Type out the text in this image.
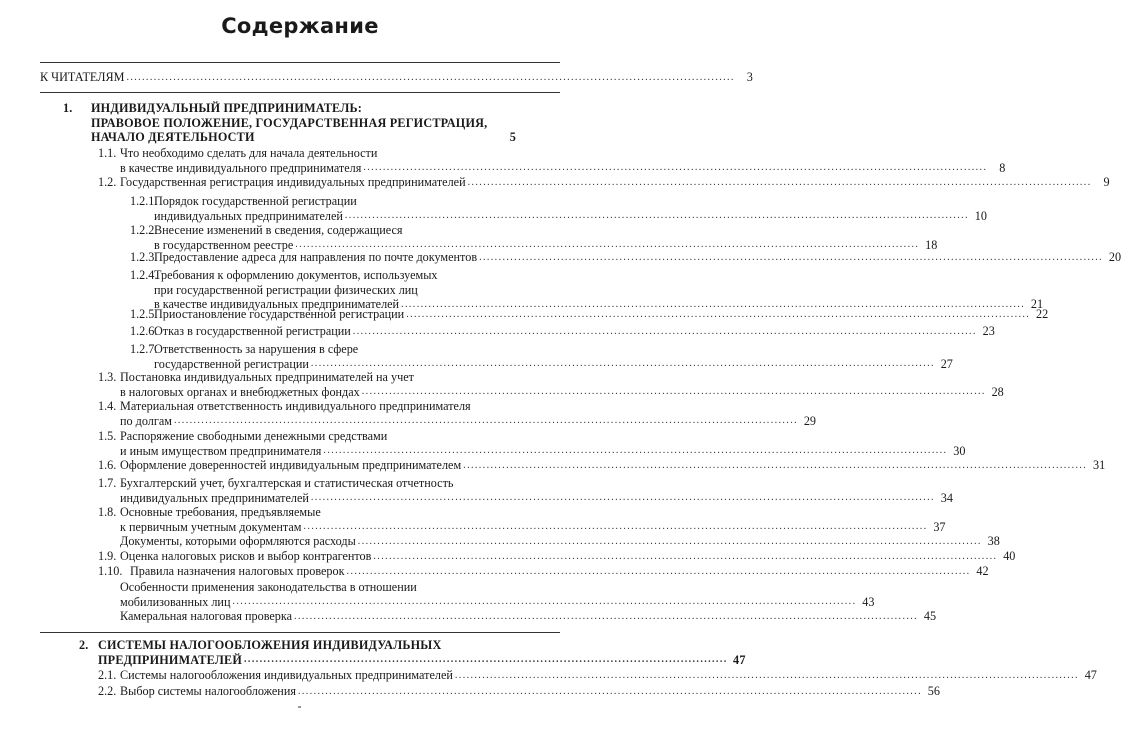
Содержание
К ЧИТАТЕЛЯМ ............................................................................................................................................................ 3
1. ИНДИВИДУАЛЬНЫЙ ПРЕДПРИНИМАТЕЛЬ:
ПРАВОВОЕ ПОЛОЖЕНИЕ, ГОСУДАРСТВЕННАЯ РЕГИСТРАЦИЯ,
НАЧАЛО ДЕЯТЕЛЬНОСТИ	5
1.1. Что необходимо сделать для начала деятельности
в качестве индивидуального предпринимателя ................................................................................................................................................................ 8
1.2. Государственная регистрация индивидуальных предпринимателей ................................................................................................................................................................ 9
1.2.1.
Порядок государственной регистрации
индивидуальных предпринимателей ................................................................................................................................................................ 10
1.2.2.
Внесение изменений в сведения, содержащиеся
в государственном реестре ................................................................................................................................................................ 18
1.2.3.
Предоставление адреса для направления по почте документов ................................................................................................................................................................ 20
1.2.4.
Требования к оформлению документов, используемых
при государственной регистрации физических лиц
в качестве индивидуальных предпринимателей ................................................................................................................................................................ 21
1.2.5.
Приостановление государственной регистрации ................................................................................................................................................................ 22
1.2.6.
Отказ в государственной регистрации ................................................................................................................................................................ 23
1.2.7.
Ответственность за нарушения в сфере
государственной регистрации ................................................................................................................................................................ 27
1.3. Постановка индивидуальных предпринимателей на учет
в налоговых органах и внебюджетных фондах ................................................................................................................................................................ 28
1.4. Материальная ответственность индивидуального предпринимателя
по долгам ................................................................................................................................................................ 29
1.5. Распоряжение свободными денежными средствами
и иным имуществом предпринимателя ................................................................................................................................................................ 30
1.6. Оформление доверенностей индивидуальным предпринимателем ................................................................................................................................................................ 31
1.7. Бухгалтерский учет, бухгалтерская и статистическая отчетность
индивидуальных предпринимателей ................................................................................................................................................................ 34
1.8. Основные требования, предъявляемые
к первичным учетным документам ................................................................................................................................................................ 37
Документы, которыми оформляются расходы ................................................................................................................................................................ 38
1.9. Оценка налоговых рисков и выбор контрагентов ................................................................................................................................................................ 40
1.10. Правила назначения налоговых проверок ................................................................................................................................................................ 42
Особенности применения законодательства в отношении
мобилизованных лиц ................................................................................................................................................................ 43
Камеральная налоговая проверка ................................................................................................................................................................ 45
2. СИСТЕМЫ НАЛОГООБЛОЖЕНИЯ ИНДИВИДУАЛЬНЫХ
ПРЕДПРИНИМАТЕЛЕЙ ............................................................................................................................ 47
2.1. Системы налогообложения индивидуальных предпринимателей ................................................................................................................................................................ 47
2.2. Выбор системы налогообложения ................................................................................................................................................................ 56
